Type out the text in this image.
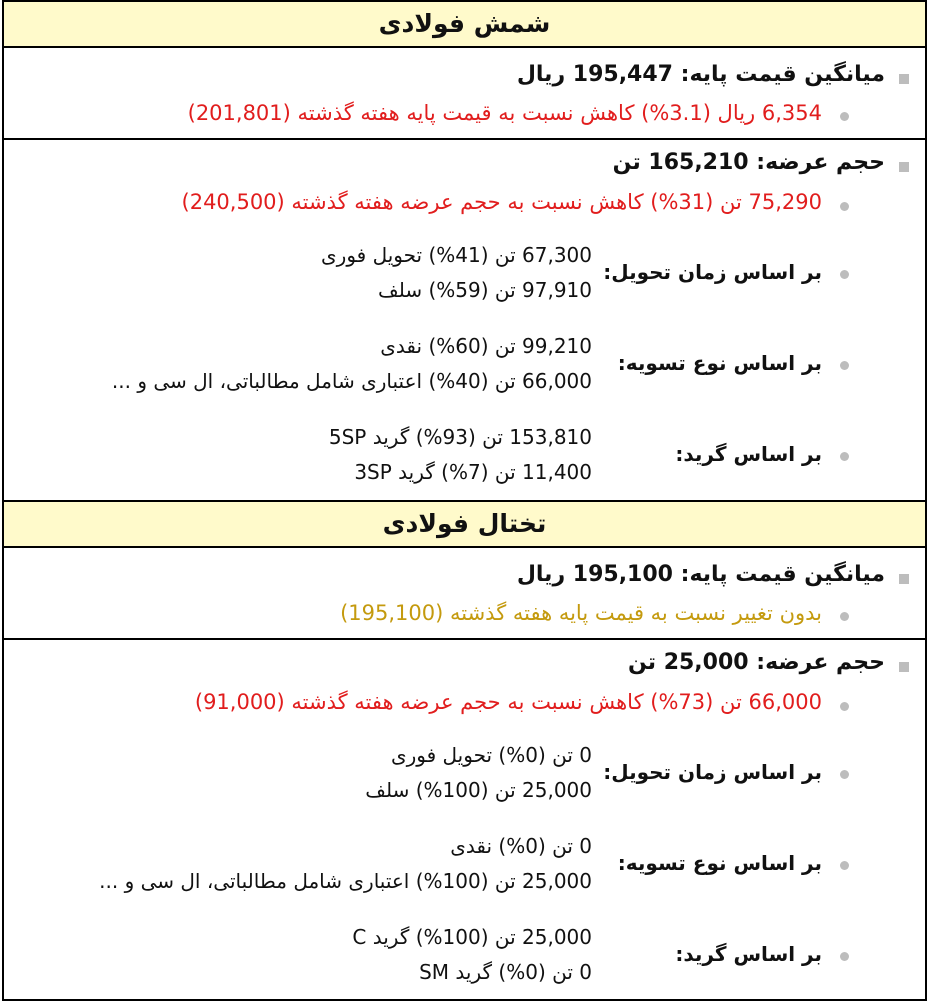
شمش فولادی
میانگین قیمت پایه: 195,447 ریال
6,354 ریال (3.1%) کاهش نسبت به قیمت پایه هفته گذشته (201,801)
حجم عرضه: 165,210 تن
75,290 تن (31%) کاهش نسبت به حجم عرضه هفته گذشته (240,500)
بر اساس زمان تحویل:
67,300 تن (41%) تحویل فوری
97,910 تن (59%) سلف
بر اساس نوع تسویه:
99,210 تن (60%) نقدی
66,000 تن (40%) اعتباری شامل مطالباتی، ال سی و ...
بر اساس گرید:
153,810 تن (93%) گرید 5SP
11,400 تن (7%) گرید 3SP
تختال فولادی
میانگین قیمت پایه: 195,100 ریال
بدون تغییر نسبت به قیمت پایه هفته گذشته (195,100)
حجم عرضه: 25,000 تن
66,000 تن (73%) کاهش نسبت به حجم عرضه هفته گذشته (91,000)
بر اساس زمان تحویل:
0 تن (0%) تحویل فوری
25,000 تن (100%) سلف
بر اساس نوع تسویه:
0 تن (0%) نقدی
25,000 تن (100%) اعتباری شامل مطالباتی، ال سی و ...
بر اساس گرید:
25,000 تن (100%) گرید C
0 تن (0%) گرید SM
